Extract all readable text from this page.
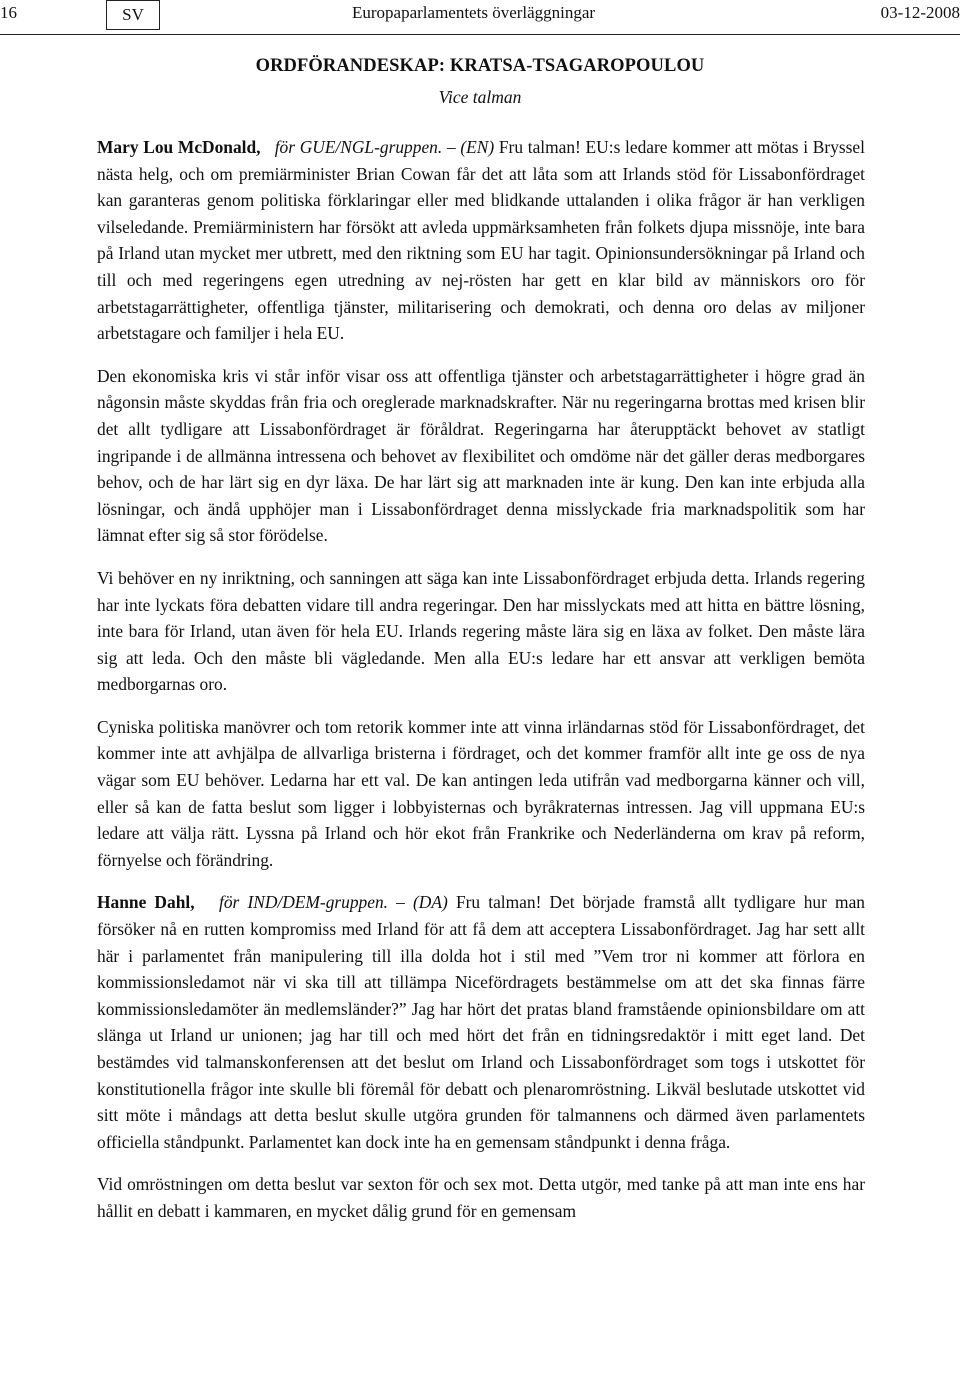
16	SV	Europaparlamentets överläggningar	03-12-2008
ORDFÖRANDESKAP: KRATSA-TSAGAROPOULOU
Vice talman

Mary Lou McDonald, för GUE/NGL-gruppen. – (EN) Fru talman! EU:s ledare kommer att mötas i Bryssel nästa helg, och om premiärminister Brian Cowan får det att låta som att Irlands stöd för Lissabonfördraget kan garanteras genom politiska förklaringar eller med blidkande uttalanden i olika frågor är han verkligen vilseledande. Premiärministern har försökt att avleda uppmärksamheten från folkets djupa missnöje, inte bara på Irland utan mycket mer utbrett, med den riktning som EU har tagit. Opinionsundersökningar på Irland och till och med regeringens egen utredning av nej-rösten har gett en klar bild av människors oro för arbetstagarrättigheter, offentliga tjänster, militarisering och demokrati, och denna oro delas av miljoner arbetstagare och familjer i hela EU.

Den ekonomiska kris vi står inför visar oss att offentliga tjänster och arbetstagarrättigheter i högre grad än någonsin måste skyddas från fria och oreglerade marknadskrafter. När nu regeringarna brottas med krisen blir det allt tydligare att Lissabonfördraget är föråldrat. Regeringarna har återupptäckt behovet av statligt ingripande i de allmänna intressena och behovet av flexibilitet och omdöme när det gäller deras medborgares behov, och de har lärt sig en dyr läxa. De har lärt sig att marknaden inte är kung. Den kan inte erbjuda alla lösningar, och ändå upphöjer man i Lissabonfördraget denna misslyckade fria marknadspolitik som har lämnat efter sig så stor förödelse.

Vi behöver en ny inriktning, och sanningen att säga kan inte Lissabonfördraget erbjuda detta. Irlands regering har inte lyckats föra debatten vidare till andra regeringar. Den har misslyckats med att hitta en bättre lösning, inte bara för Irland, utan även för hela EU. Irlands regering måste lära sig en läxa av folket. Den måste lära sig att leda. Och den måste bli vägledande. Men alla EU:s ledare har ett ansvar att verkligen bemöta medborgarnas oro.

Cyniska politiska manövrer och tom retorik kommer inte att vinna irländarnas stöd för Lissabonfördraget, det kommer inte att avhjälpa de allvarliga bristerna i fördraget, och det kommer framför allt inte ge oss de nya vägar som EU behöver. Ledarna har ett val. De kan antingen leda utifrån vad medborgarna känner och vill, eller så kan de fatta beslut som ligger i lobbyisternas och byråkraternas intressen. Jag vill uppmana EU:s ledare att välja rätt. Lyssna på Irland och hör ekot från Frankrike och Nederländerna om krav på reform, förnyelse och förändring.

Hanne Dahl, för IND/DEM-gruppen. – (DA) Fru talman! Det började framstå allt tydligare hur man försöker nå en rutten kompromiss med Irland för att få dem att acceptera Lissabonfördraget. Jag har sett allt här i parlamentet från manipulering till illa dolda hot i stil med ”Vem tror ni kommer att förlora en kommissionsledamot när vi ska till att tillämpa Nicefördragets bestämmelse om att det ska finnas färre kommissionsledamöter än medlemsländer?” Jag har hört det pratas bland framstående opinionsbildare om att slänga ut Irland ur unionen; jag har till och med hört det från en tidningsredaktör i mitt eget land. Det bestämdes vid talmanskonferensen att det beslut om Irland och Lissabonfördraget som togs i utskottet för konstitutionella frågor inte skulle bli föremål för debatt och plenaromröstning. Likväl beslutade utskottet vid sitt möte i måndags att detta beslut skulle utgöra grunden för talmannens och därmed även parlamentets officiella ståndpunkt. Parlamentet kan dock inte ha en gemensam ståndpunkt i denna fråga.

Vid omröstningen om detta beslut var sexton för och sex mot. Detta utgör, med tanke på att man inte ens har hållit en debatt i kammaren, en mycket dålig grund för en gemensam
